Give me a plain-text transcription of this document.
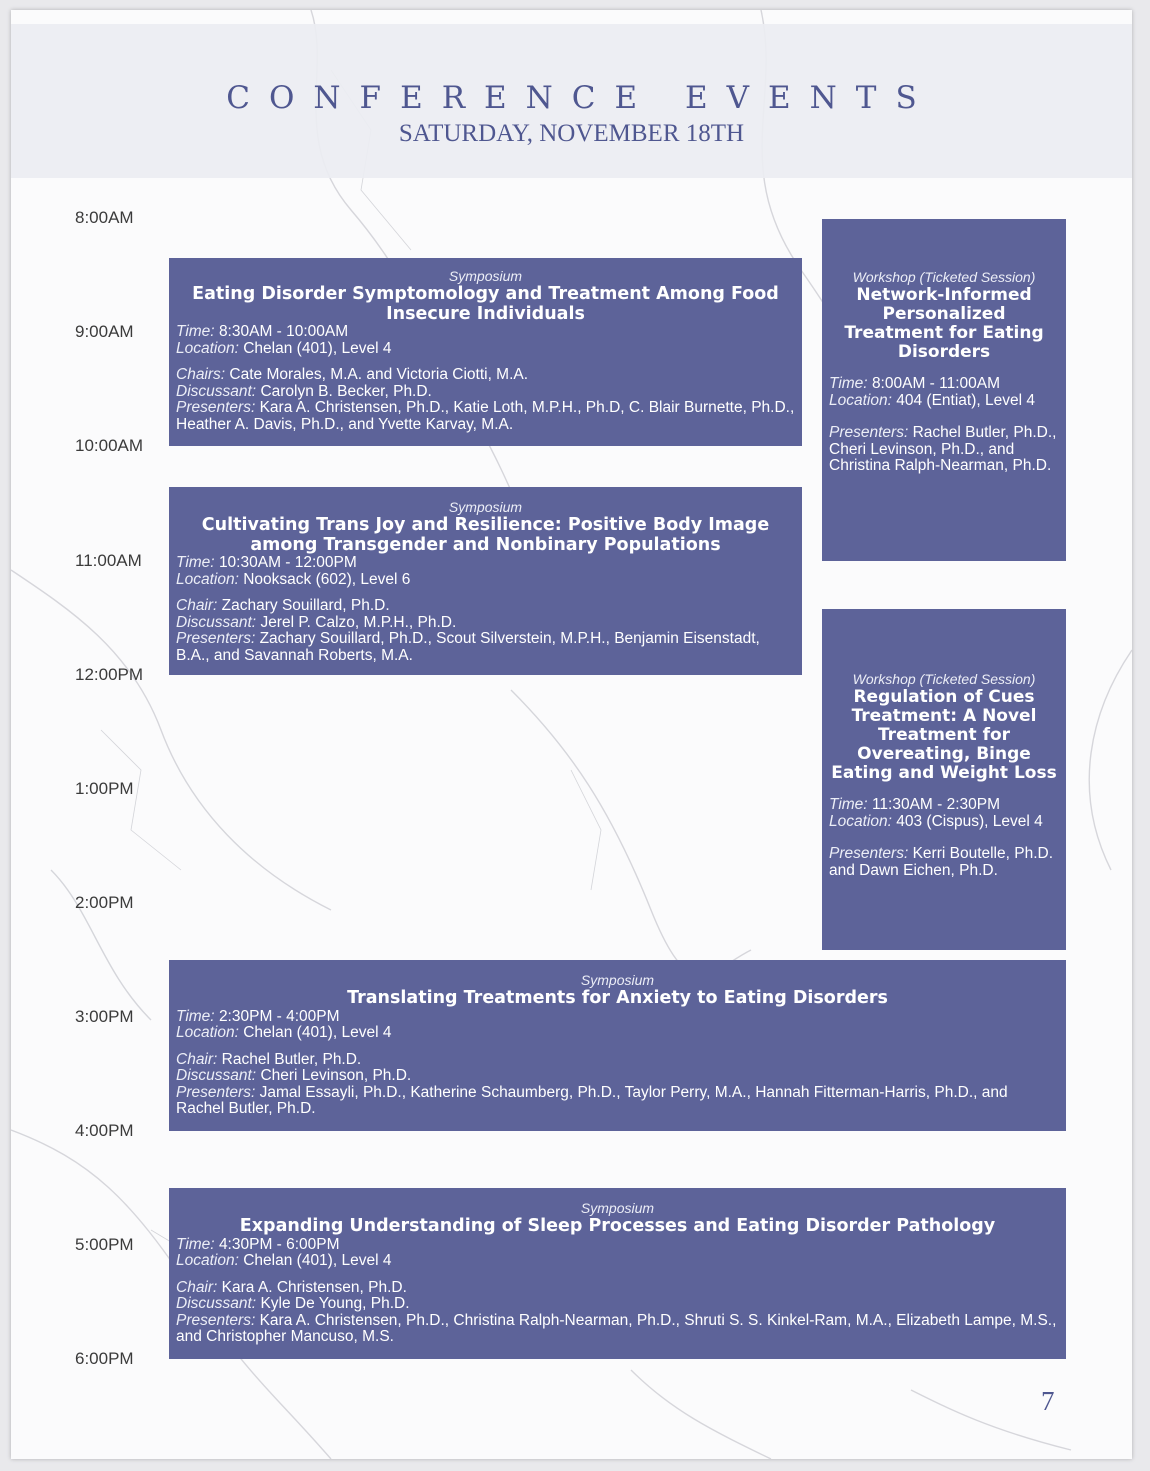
CONFERENCE EVENTS
SATURDAY, NOVEMBER 18TH
8:00AM
9:00AM
10:00AM
11:00AM
12:00PM
1:00PM
2:00PM
3:00PM
4:00PM
5:00PM
6:00PM
Symposium
Eating Disorder Symptomology and Treatment Among Food Insecure Individuals
Time: 8:30AM - 10:00AM
Location: Chelan (401), Level 4
Chairs: Cate Morales, M.A. and Victoria Ciotti, M.A.
Discussant: Carolyn B. Becker, Ph.D.
Presenters: Kara A. Christensen, Ph.D., Katie Loth, M.P.H., Ph.D, C. Blair Burnette, Ph.D., Heather A. Davis, Ph.D., and Yvette Karvay, M.A.
Workshop (Ticketed Session)
Network-Informed Personalized Treatment for Eating Disorders
Time: 8:00AM - 11:00AM
Location: 404 (Entiat), Level 4
Presenters: Rachel Butler, Ph.D., Cheri Levinson, Ph.D., and Christina Ralph-Nearman, Ph.D.
Symposium
Cultivating Trans Joy and Resilience: Positive Body Image among Transgender and Nonbinary Populations
Time: 10:30AM - 12:00PM
Location: Nooksack (602), Level 6
Chair: Zachary Souillard, Ph.D.
Discussant: Jerel P. Calzo, M.P.H., Ph.D.
Presenters: Zachary Souillard, Ph.D., Scout Silverstein, M.P.H., Benjamin Eisenstadt, B.A., and Savannah Roberts, M.A.
Workshop (Ticketed Session)
Regulation of Cues Treatment: A Novel Treatment for Overeating, Binge Eating and Weight Loss
Time: 11:30AM - 2:30PM
Location: 403 (Cispus), Level 4
Presenters: Kerri Boutelle, Ph.D. and Dawn Eichen, Ph.D.
Symposium
Translating Treatments for Anxiety to Eating Disorders
Time: 2:30PM - 4:00PM
Location: Chelan (401), Level 4
Chair: Rachel Butler, Ph.D.
Discussant: Cheri Levinson, Ph.D.
Presenters: Jamal Essayli, Ph.D., Katherine Schaumberg, Ph.D., Taylor Perry, M.A., Hannah Fitterman-Harris, Ph.D., and Rachel Butler, Ph.D.
Symposium
Expanding Understanding of Sleep Processes and Eating Disorder Pathology
Time: 4:30PM - 6:00PM
Location: Chelan (401), Level 4
Chair: Kara A. Christensen, Ph.D.
Discussant: Kyle De Young, Ph.D.
Presenters: Kara A. Christensen, Ph.D., Christina Ralph-Nearman, Ph.D., Shruti S. S. Kinkel-Ram, M.A., Elizabeth Lampe, M.S., and Christopher Mancuso, M.S.
7
